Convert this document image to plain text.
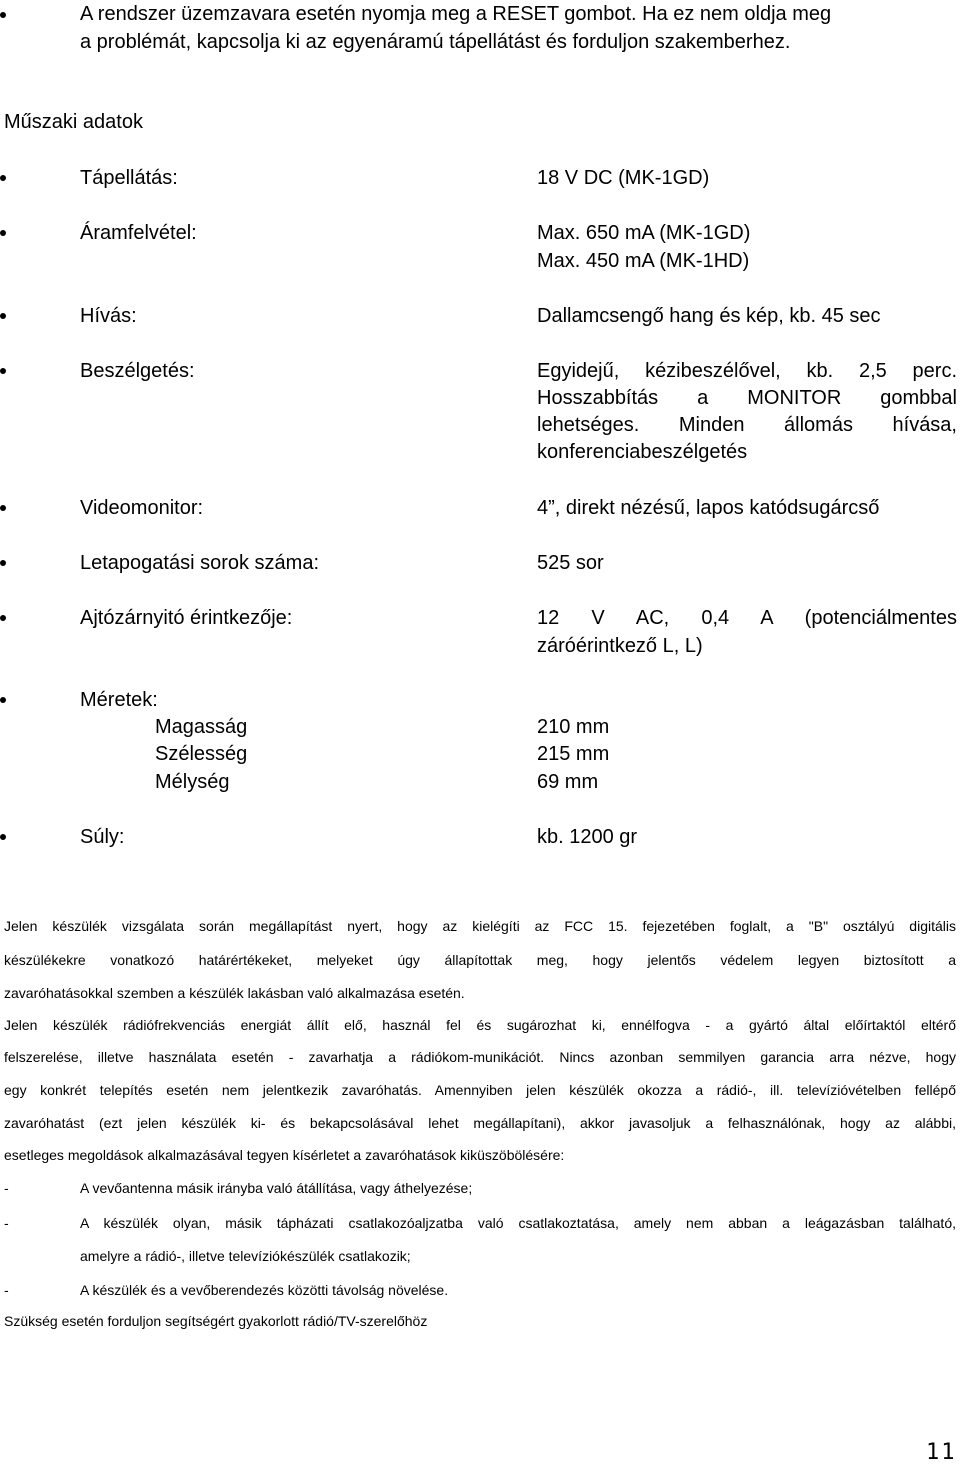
A rendszer üzemzavara esetén nyomja meg a RESET gombot. Ha ez nem oldja meg
a problémát, kapcsolja ki az egyenáramú tápellátást és forduljon szakemberhez.
Műszaki adatok
Tápellátás:	18 V DC (MK-1GD)
Áramfelvétel:	Max. 650 mA (MK-1GD)
Max. 450 mA (MK-1HD)
Hívás:	Dallamcsengő hang és kép, kb. 45 sec
Beszélgetés:	Egyidejű, kézibeszélővel, kb. 2,5 perc.
Hosszabbítás a MONITOR gombbal
lehetséges. Minden állomás hívása,
konferenciabeszélgetés
Videomonitor:	4”, direkt nézésű, lapos katódsugárcső
Letapogatási sorok száma:	525 sor
Ajtózárnyitó érintkezője:	12 V AC, 0,4 A (potenciálmentes
záróérintkező L, L)
Méretek:
Magasság	210 mm
Szélesség	215 mm
Mélység	69 mm
Súly:	kb. 1200 gr
Jelen készülék vizsgálata során megállapítást nyert, hogy az kielégíti az FCC 15. fejezetében foglalt, a "B" osztályú digitális
készülékekre vonatkozó határértékeket, melyeket úgy állapítottak meg, hogy jelentős védelem legyen biztosított a
zavaróhatásokkal szemben a készülék lakásban való alkalmazása esetén.
Jelen készülék rádiófrekvenciás energiát állít elő, használ fel és sugározhat ki, ennélfogva - a gyártó által előírtaktól eltérő
felszerelése, illetve használata esetén - zavarhatja a rádiókom-munikációt. Nincs azonban semmilyen garancia arra nézve, hogy
egy konkrét telepítés esetén nem jelentkezik zavaróhatás. Amennyiben jelen készülék okozza a rádió-, ill. televízióvételben fellépő
zavaróhatást (ezt jelen készülék ki- és bekapcsolásával lehet megállapítani), akkor javasoljuk a felhasználónak, hogy az alábbi,
esetleges megoldások alkalmazásával tegyen kísérletet a zavaróhatások kiküszöbölésére:
-	A vevőantenna másik irányba való átállítása, vagy áthelyezése;
-	A készülék olyan, másik tápházati csatlakozóaljzatba való csatlakoztatása, amely nem abban a leágazásban található,
amelyre a rádió-, illetve televíziókészülék csatlakozik;
-	A készülék és a vevőberendezés közötti távolság növelése.
Szükség esetén forduljon segítségért gyakorlott rádió/TV-szerelőhöz
11
